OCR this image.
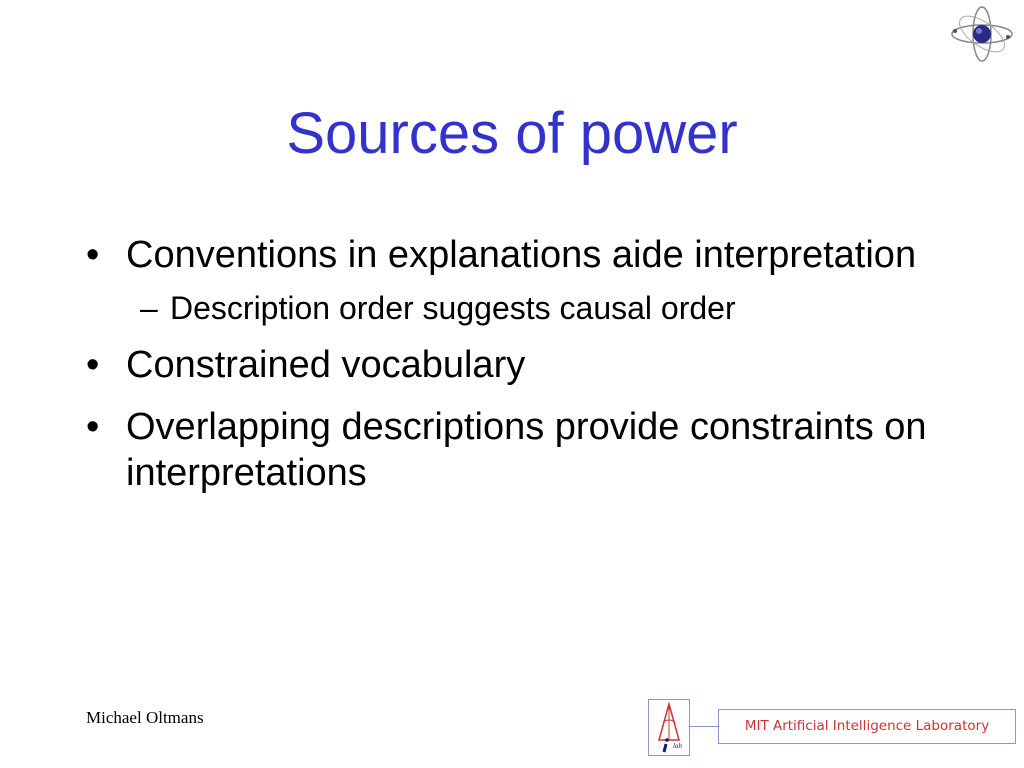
Sources of power
• Conventions in explanations aide interpretation
– Description order suggests causal order
• Constrained vocabulary
• Overlapping descriptions provide constraints on interpretations
Michael Oltmans
lab
MIT Artificial Intelligence Laboratory
